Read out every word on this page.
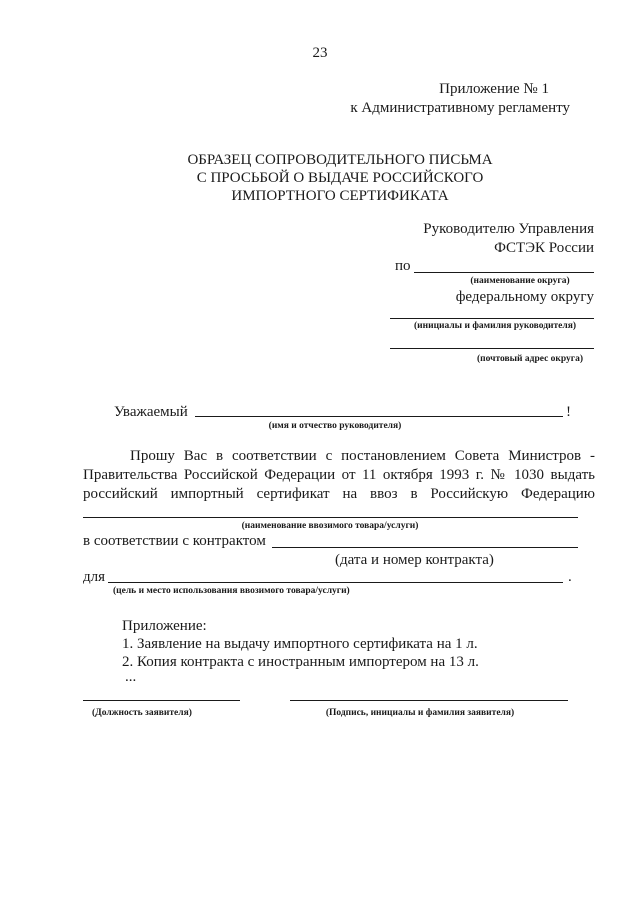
23
Приложение № 1
к Административному регламенту
ОБРАЗЕЦ СОПРОВОДИТЕЛЬНОГО ПИСЬМА
С ПРОСЬБОЙ О ВЫДАЧЕ РОССИЙСКОГО
ИМПОРТНОГО СЕРТИФИКАТА
Руководителю Управления
ФСТЭК России
по
(наименование округа)
федеральному округу
(инициалы и фамилия руководителя)
(почтовый адрес округа)
Уважаемый	!
(имя и отчество руководителя)
Прошу Вас в соответствии с постановлением Совета Министров -
Правительства Российской Федерации от 11 октября 1993 г. № 1030 выдать
российский импортный сертификат на ввоз в Российскую Федерацию
(наименование ввозимого товара/услуги)
в соответствии с контрактом
(дата и номер контракта)
для	.
(цель и место использования ввозимого товара/услуги)
Приложение:
1. Заявление на выдачу импортного сертификата на 1 л.
2. Копия контракта с иностранным импортером на 13 л.
...
(Должность заявителя)	(Подпись, инициалы и фамилия заявителя)
